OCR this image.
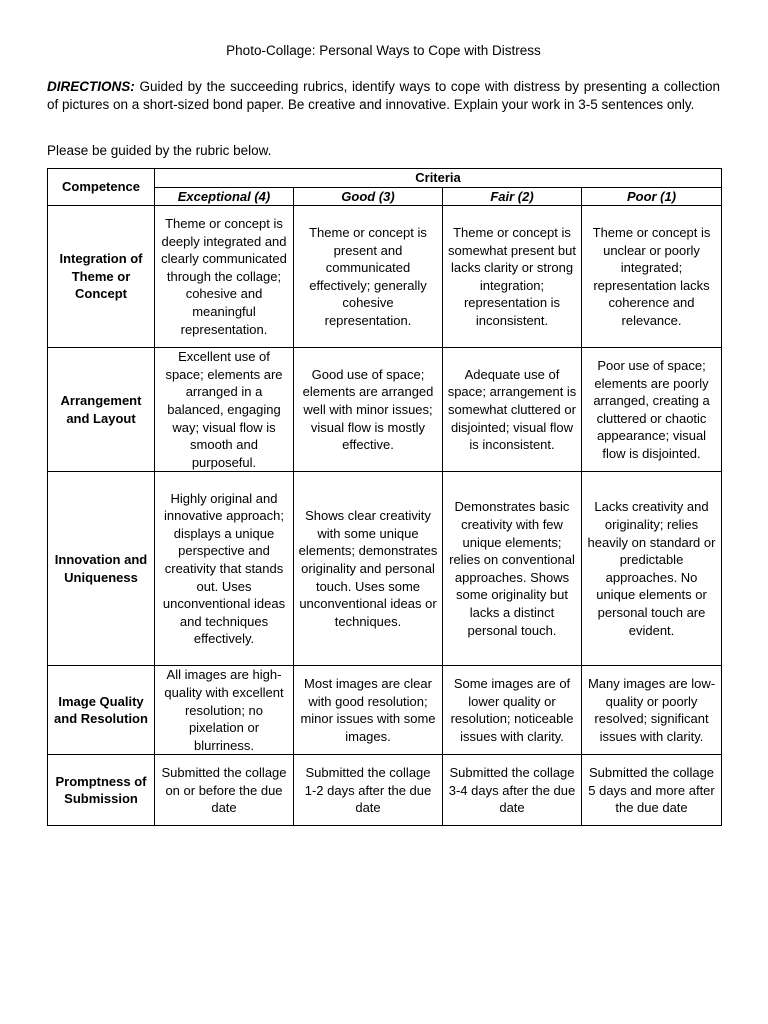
Photo-Collage: Personal Ways to Cope with Distress
DIRECTIONS: Guided by the succeeding rubrics, identify ways to cope with distress by presenting a collection of pictures on a short-sized bond paper. Be creative and innovative. Explain your work in 3-5 sentences only.
Please be guided by the rubric below.
Competence	Criteria			
	Exceptional (4)	Good (3)	Fair (2)	Poor (1)
Integration of Theme or Concept	Theme or concept is deeply integrated and clearly communicated through the collage; cohesive and meaningful representation.	Theme or concept is present and communicated effectively; generally cohesive representation.	Theme or concept is somewhat present but lacks clarity or strong integration; representation is inconsistent.	Theme or concept is unclear or poorly integrated; representation lacks coherence and relevance.
Arrangement and Layout	Excellent use of space; elements are arranged in a balanced, engaging way; visual flow is smooth and purposeful.	Good use of space; elements are arranged well with minor issues; visual flow is mostly effective.	Adequate use of space; arrangement is somewhat cluttered or disjointed; visual flow is inconsistent.	Poor use of space; elements are poorly arranged, creating a cluttered or chaotic appearance; visual flow is disjointed.
Innovation and Uniqueness	Highly original and innovative approach; displays a unique perspective and creativity that stands out. Uses unconventional ideas and techniques effectively.	Shows clear creativity with some unique elements; demonstrates originality and personal touch. Uses some unconventional ideas or techniques.	Demonstrates basic creativity with few unique elements; relies on conventional approaches. Shows some originality but lacks a distinct personal touch.	Lacks creativity and originality; relies heavily on standard or predictable approaches. No unique elements or personal touch are evident.
Image Quality and Resolution	All images are high-quality with excellent resolution; no pixelation or blurriness.	Most images are clear with good resolution; minor issues with some images.	Some images are of lower quality or resolution; noticeable issues with clarity.	Many images are low-quality or poorly resolved; significant issues with clarity.
Promptness of Submission	Submitted the collage on or before the due date	Submitted the collage 1-2 days after the due date	Submitted the collage 3-4 days after the due date	Submitted the collage 5 days and more after the due date
